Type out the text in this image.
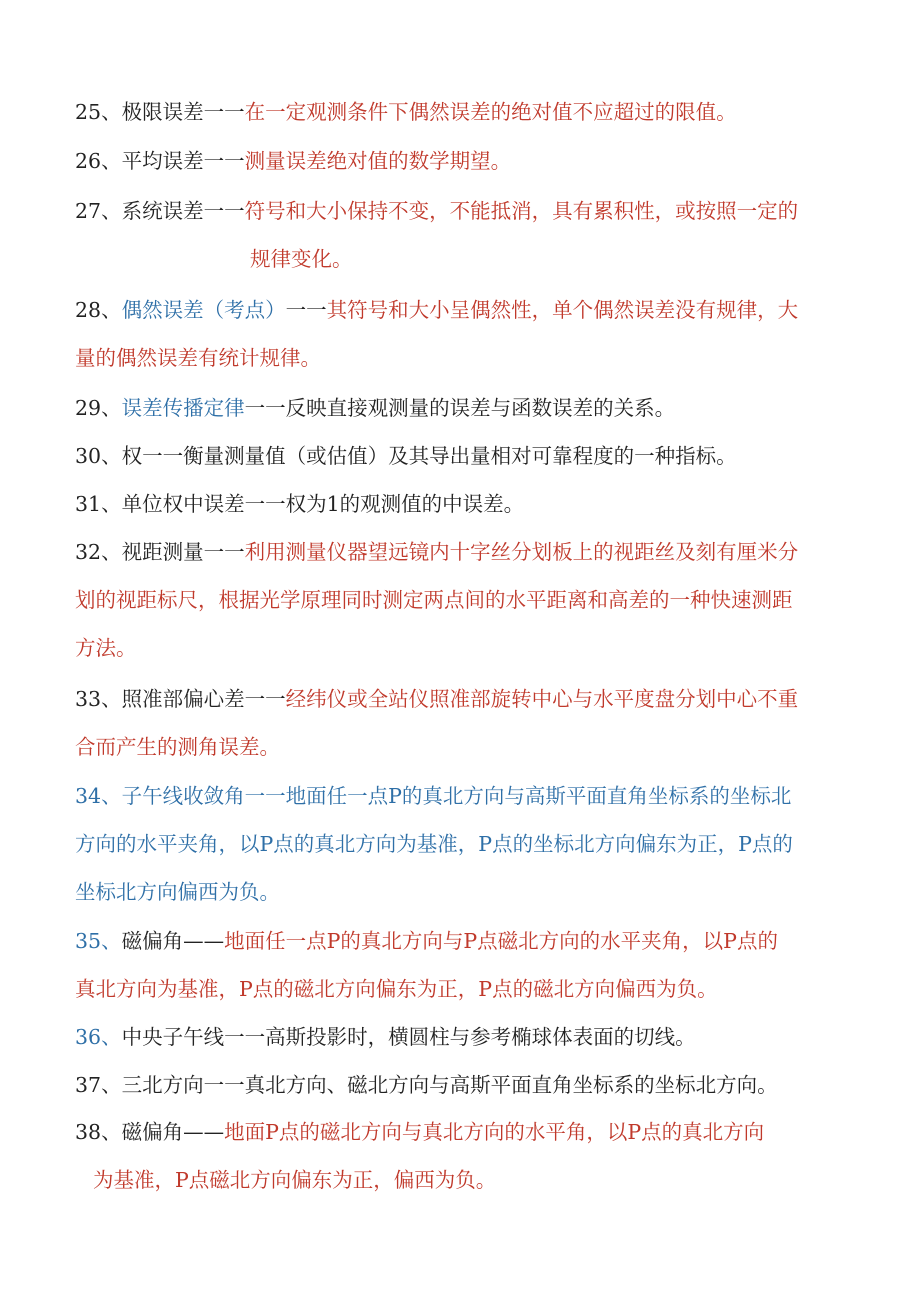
25、极限误差一一在一定观测条件下偶然误差的绝对值不应超过的限值。

26、平均误差一一测量误差绝对值的数学期望。

27、系统误差一一符号和大小保持不变，不能抵消，具有累积性，或按照一定的

规律变化。

28、偶然误差（考点）一一其符号和大小呈偶然性，单个偶然误差没有规律，大

量的偶然误差有统计规律。

29、误差传播定律一一反映直接观测量的误差与函数误差的关系。

30、权一一衡量测量值（或估值）及其导出量相对可靠程度的一种指标。

31、单位权中误差一一权为1的观测值的中误差。

32、视距测量一一利用测量仪器望远镜内十字丝分划板上的视距丝及刻有厘米分

划的视距标尺，根据光学原理同时测定两点间的水平距离和高差的一种快速测距

方法。

33、照准部偏心差一一经纬仪或全站仪照准部旋转中心与水平度盘分划中心不重

合而产生的测角误差。

34、子午线收敛角一一地面任一点P的真北方向与高斯平面直角坐标系的坐标北

方向的水平夹角，以P点的真北方向为基准，P点的坐标北方向偏东为正，P点的

坐标北方向偏西为负。

35、磁偏角——地面任一点P的真北方向与P点磁北方向的水平夹角，以P点的

真北方向为基准，P点的磁北方向偏东为正，P点的磁北方向偏西为负。

36、中央子午线一一高斯投影时，横圆柱与参考椭球体表面的切线。

37、三北方向一一真北方向、磁北方向与高斯平面直角坐标系的坐标北方向。

38、磁偏角——地面P点的磁北方向与真北方向的水平角，以P点的真北方向

为基准，P点磁北方向偏东为正，偏西为负。
